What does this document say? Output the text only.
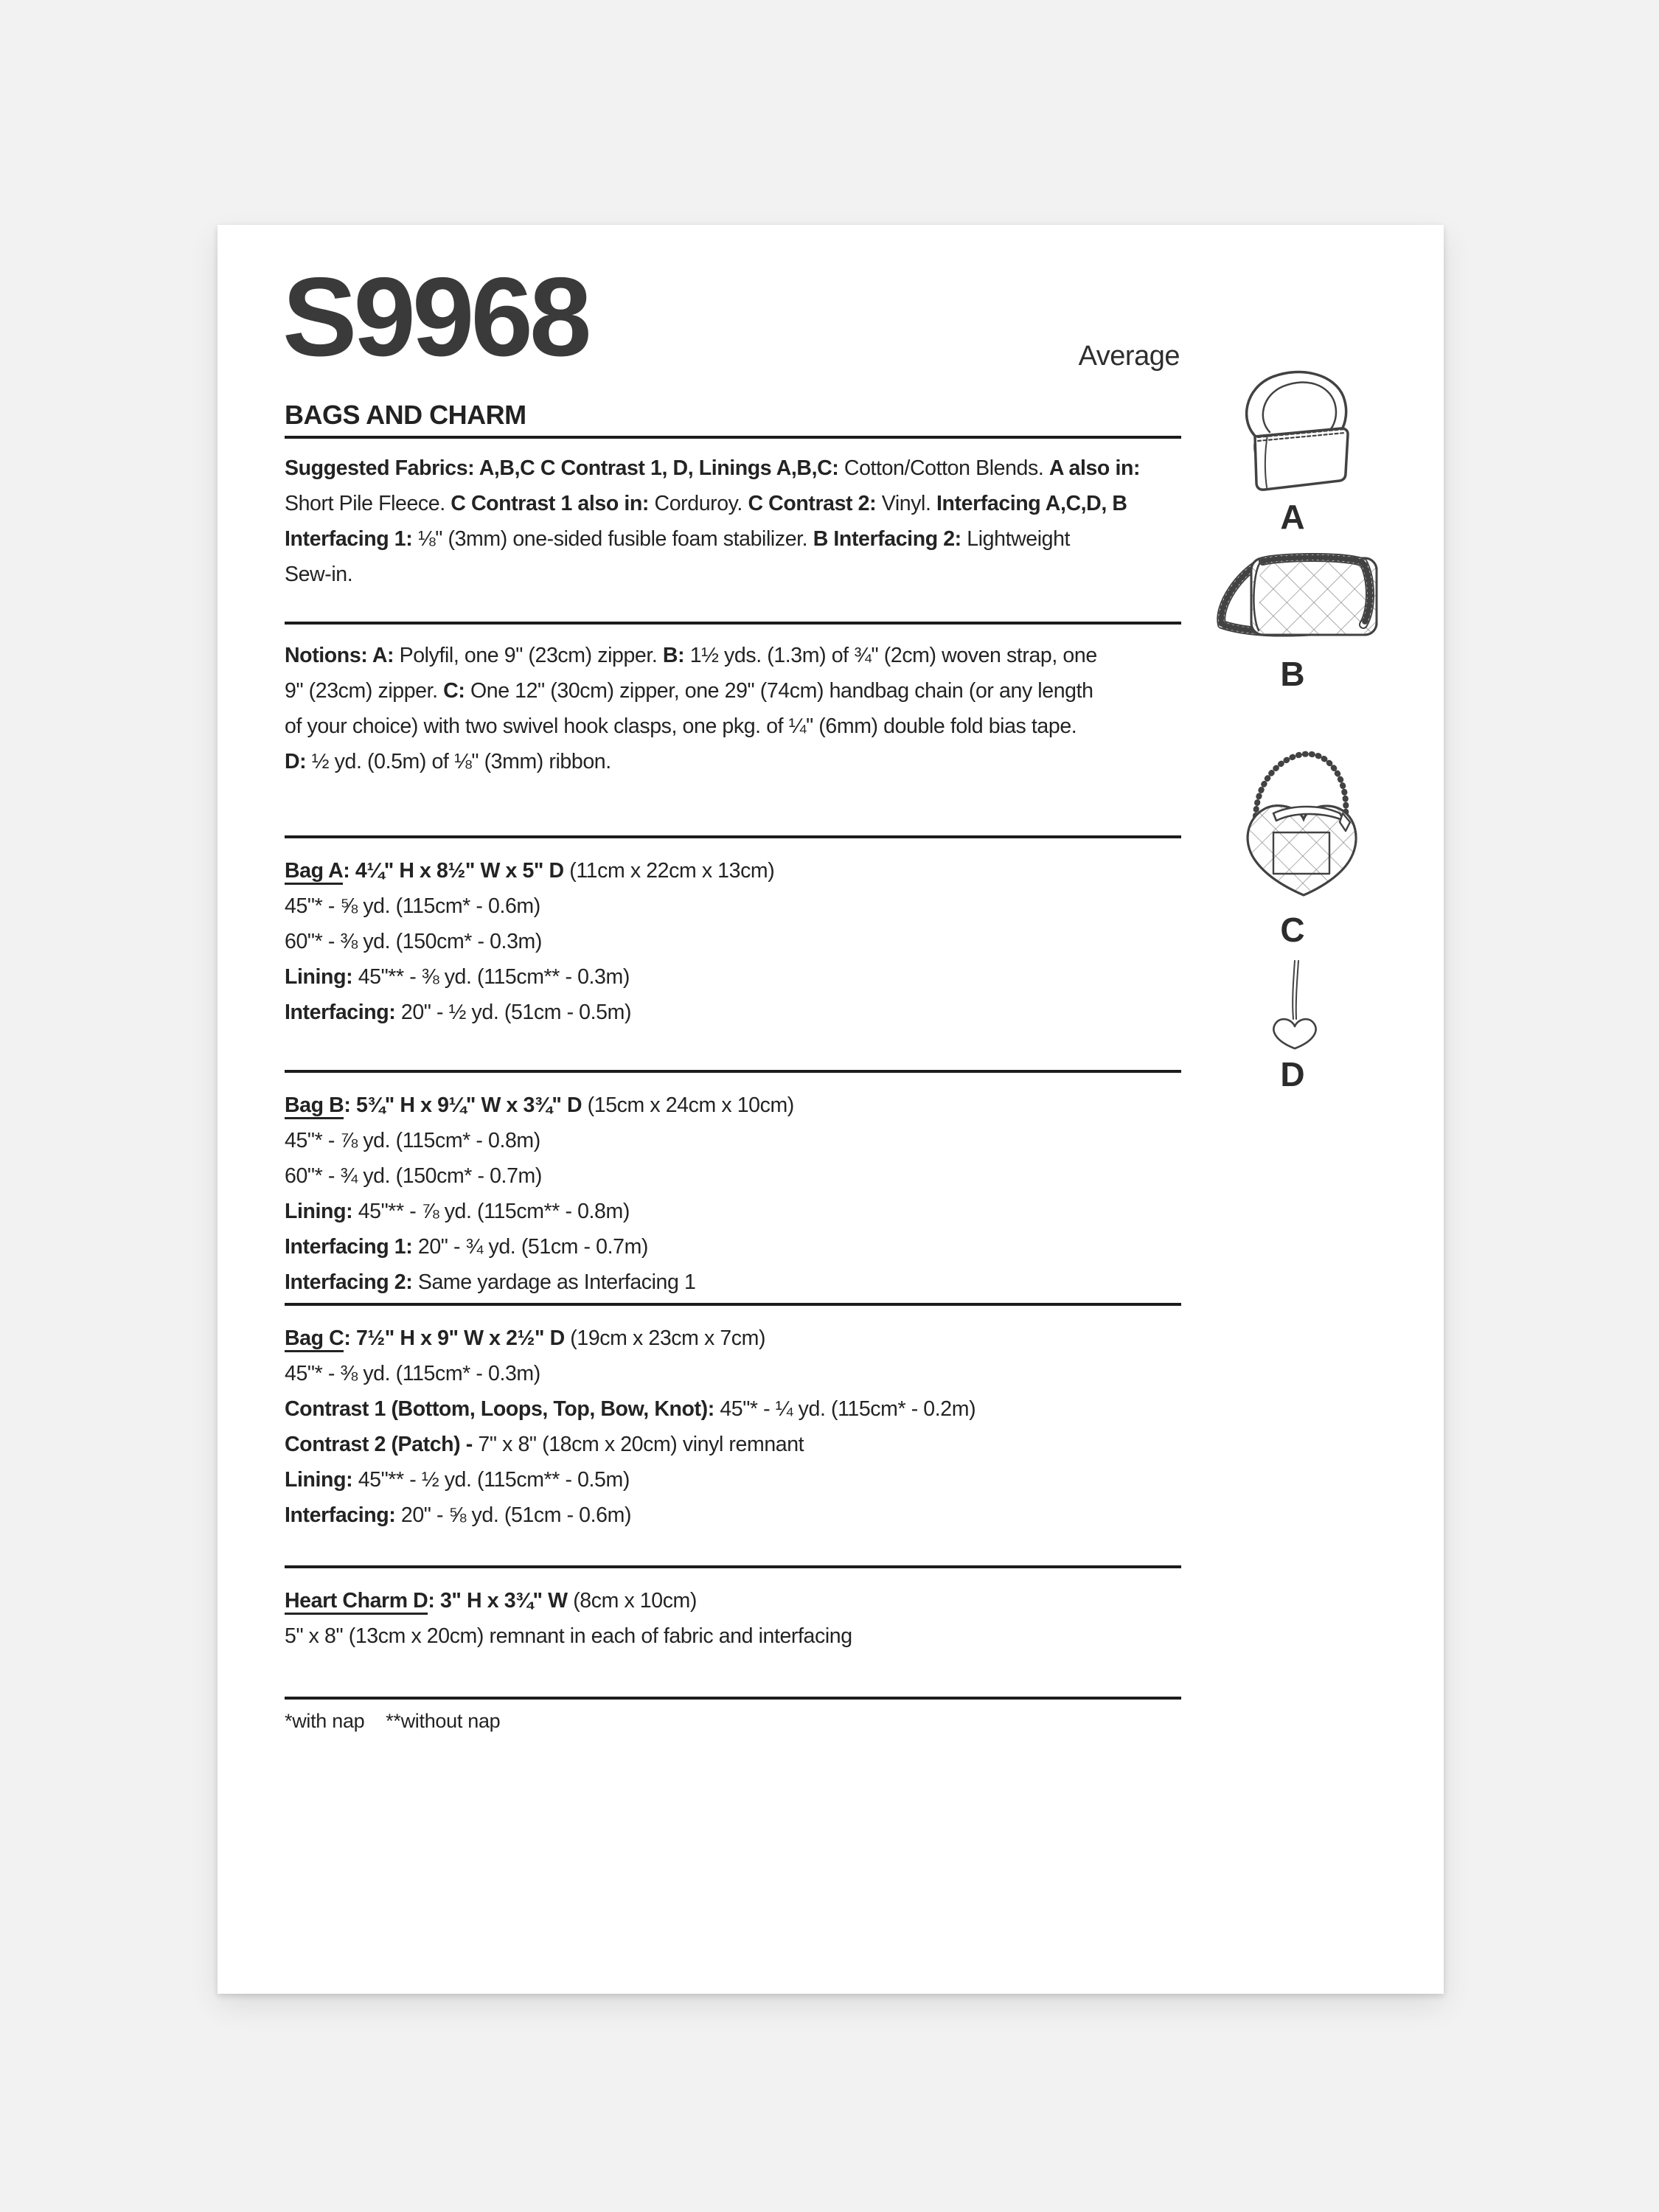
S9968	Average
BAGS AND CHARM
Suggested Fabrics: A,B,C C Contrast 1, D, Linings A,B,C: Cotton/Cotton Blends. A also in:
Short Pile Fleece. C Contrast 1 also in: Corduroy. C Contrast 2: Vinyl. Interfacing A,C,D, B
Interfacing 1: ⅛" (3mm) one-sided fusible foam stabilizer. B Interfacing 2: Lightweight
Sew-in.
Notions: A: Polyfil, one 9" (23cm) zipper. B: 1½ yds. (1.3m) of ¾" (2cm) woven strap, one
9" (23cm) zipper. C: One 12" (30cm) zipper, one 29" (74cm) handbag chain (or any length
of your choice) with two swivel hook clasps, one pkg. of ¼" (6mm) double fold bias tape.
D: ½ yd. (0.5m) of ⅛" (3mm) ribbon.
Bag A: 4¼" H x 8½" W x 5" D (11cm x 22cm x 13cm)
45"* - ⅝ yd. (115cm* - 0.6m)
60"* - ⅜ yd. (150cm* - 0.3m)
Lining: 45"** - ⅜ yd. (115cm** - 0.3m)
Interfacing: 20" - ½ yd. (51cm - 0.5m)
Bag B: 5¾" H x 9¼" W x 3¾" D (15cm x 24cm x 10cm)
45"* - ⅞ yd. (115cm* - 0.8m)
60"* - ¾ yd. (150cm* - 0.7m)
Lining: 45"** - ⅞ yd. (115cm** - 0.8m)
Interfacing 1: 20" - ¾ yd. (51cm - 0.7m)
Interfacing 2: Same yardage as Interfacing 1
Bag C: 7½" H x 9" W x 2½" D (19cm x 23cm x 7cm)
45"* - ⅜ yd. (115cm* - 0.3m)
Contrast 1 (Bottom, Loops, Top, Bow, Knot): 45"* - ¼ yd. (115cm* - 0.2m)
Contrast 2 (Patch) - 7" x 8" (18cm x 20cm) vinyl remnant
Lining: 45"** - ½ yd. (115cm** - 0.5m)
Interfacing: 20" - ⅝ yd. (51cm - 0.6m)
Heart Charm D: 3" H x 3¾" W (8cm x 10cm)
5" x 8" (13cm x 20cm) remnant in each of fabric and interfacing
*with nap    **without nap
A
B
C
D
